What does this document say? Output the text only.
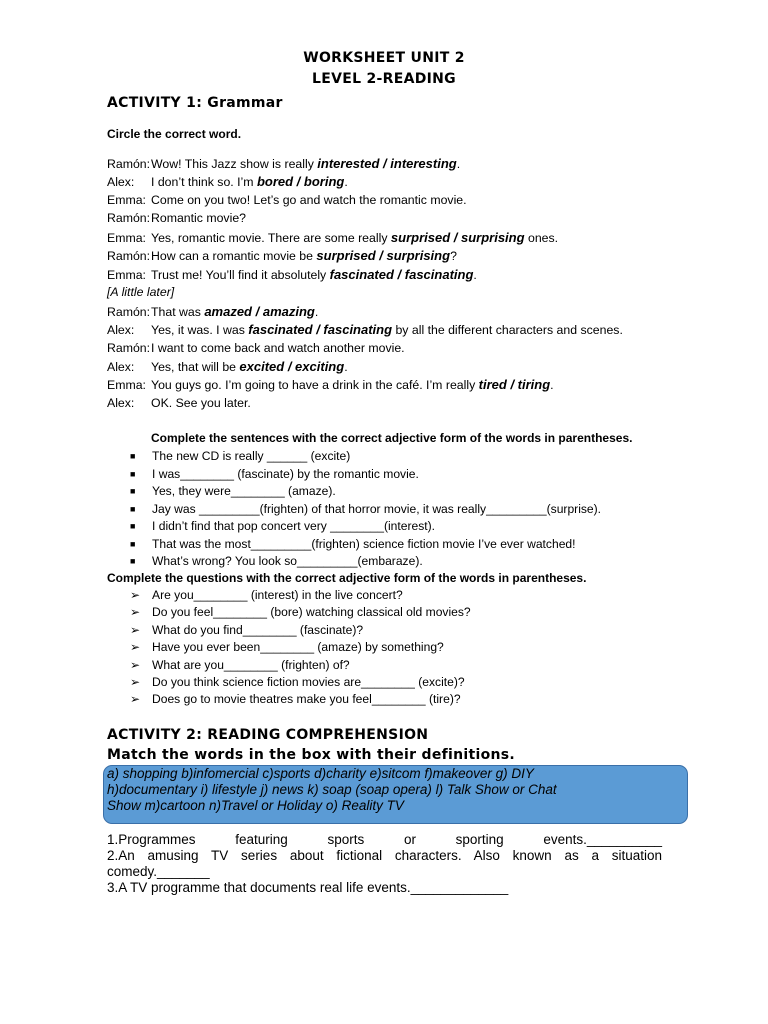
WORKSHEET UNIT 2
LEVEL 2-READING
ACTIVITY 1: Grammar
Circle the correct word.
Ramón:Wow! This Jazz show is really interested / interesting.
Alex: I don’t think so. I’m bored / boring.
Emma: Come on you two! Let’s go and watch the romantic movie.
Ramón:Romantic movie?
Emma: Yes, romantic movie. There are some really surprised / surprising ones.
Ramón:How can a romantic movie be surprised / surprising?
Emma: Trust me! You’ll find it absolutely fascinated / fascinating.
[A little later]
Ramón:That was amazed / amazing.
Alex: Yes, it was. I was fascinated / fascinating by all the different characters and scenes.
Ramón:I want to come back and watch another movie.
Alex: Yes, that will be excited / exciting.
Emma: You guys go. I’m going to have a drink in the café. I’m really tired / tiring.
Alex: OK. See you later.
Complete the sentences with the correct adjective form of the words in parentheses.
■ The new CD is really ______ (excite)
■ I was________ (fascinate) by the romantic movie.
■ Yes, they were________ (amaze).
■ Jay was _________(frighten) of that horror movie, it was really_________(surprise).
■ I didn’t find that pop concert very ________(interest).
■ That was the most_________(frighten) science fiction movie I’ve ever watched!
■ What’s wrong? You look so_________(embaraze).
Complete the questions with the correct adjective form of the words in parentheses.
➢ Are you________ (interest) in the live concert?
➢ Do you feel________ (bore) watching classical old movies?
➢ What do you find________ (fascinate)?
➢ Have you ever been________ (amaze) by something?
➢ What are you________ (frighten) of?
➢ Do you think science fiction movies are________ (excite)?
➢ Does go to movie theatres make you feel________ (tire)?
ACTIVITY 2: READING COMPREHENSION
Match the words in the box with their definitions.
a) shopping b)infomercial c)sports d)charity e)sitcom f)makeover g) DIY
h)documentary i) lifestyle j) news k) soap (soap opera) l) Talk Show or Chat
Show m)cartoon n)Travel or Holiday o) Reality TV
1.Programmes featuring sports or sporting events.__________
2.An amusing TV series about fictional characters. Also known as a situation
comedy._______
3.A TV programme that documents real life events._____________
